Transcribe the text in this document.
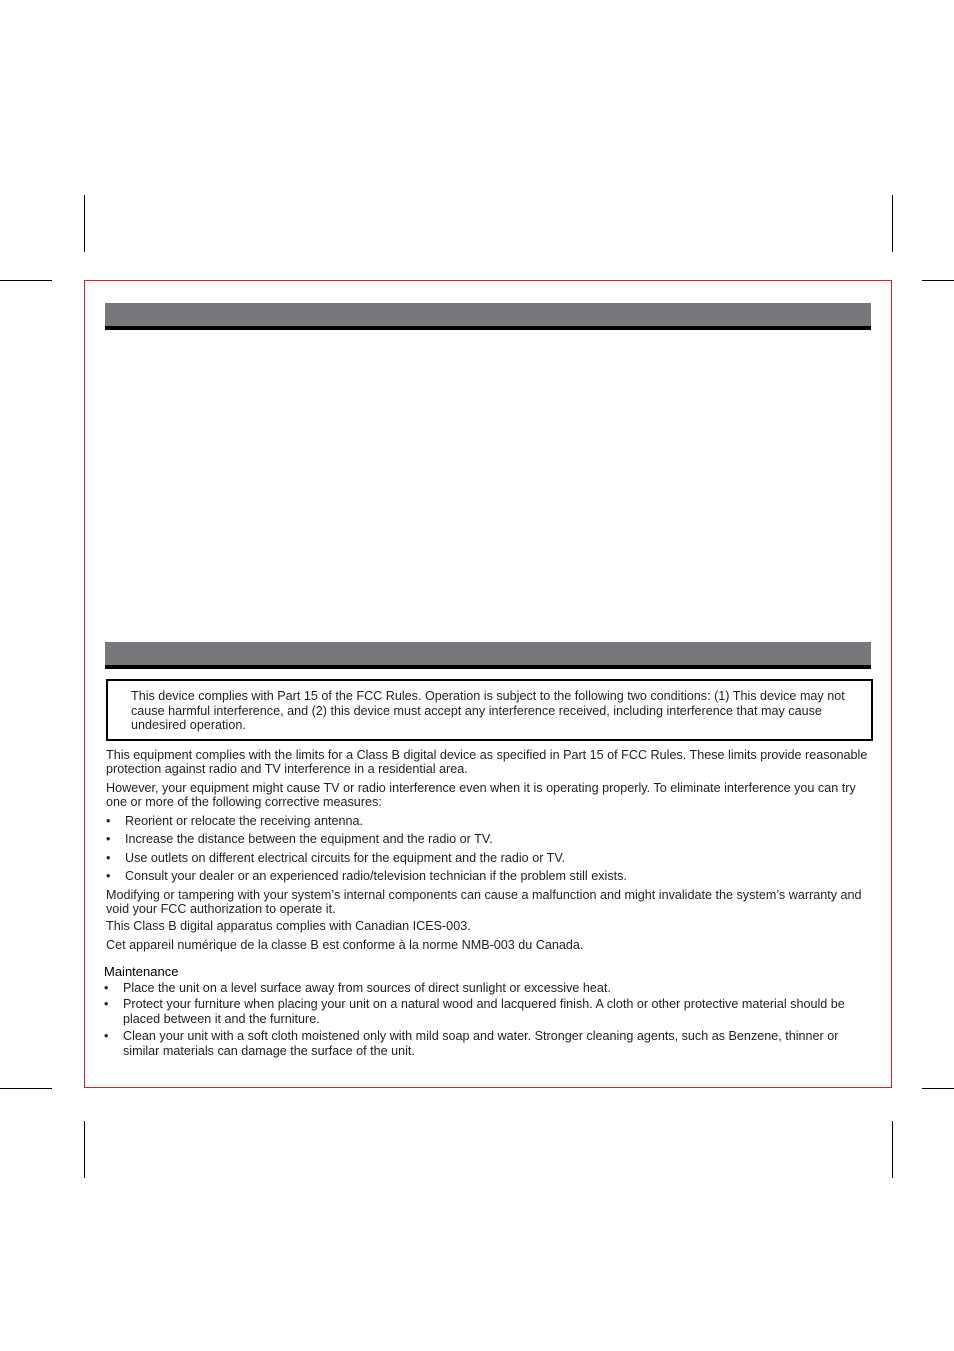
This device complies with Part 15 of the FCC Rules. Operation is subject to the following two conditions: (1) This device may not cause harmful interference, and (2) this device must accept any interference received, including interference that may cause undesired operation.

This equipment complies with the limits for a Class B digital device as specified in Part 15 of FCC Rules. These limits provide reasonable protection against radio and TV interference in a residential area.

However, your equipment might cause TV or radio interference even when it is operating properly. To eliminate interference you can try one or more of the following corrective measures:

• Reorient or relocate the receiving antenna.
• Increase the distance between the equipment and the radio or TV.
• Use outlets on different electrical circuits for the equipment and the radio or TV.
• Consult your dealer or an experienced radio/television technician if the problem still exists.

Modifying or tampering with your system’s internal components can cause a malfunction and might invalidate the system’s warranty and void your FCC authorization to operate it.

This Class B digital apparatus complies with Canadian ICES-003.

Cet appareil numérique de la classe B est conforme à la norme NMB-003 du Canada.

Maintenance
• Place the unit on a level surface away from sources of direct sunlight or excessive heat.
• Protect your furniture when placing your unit on a natural wood and lacquered finish. A cloth or other protective material should be placed between it and the furniture.
• Clean your unit with a soft cloth moistened only with mild soap and water. Stronger cleaning agents, such as Benzene, thinner or similar materials can damage the surface of the unit.
